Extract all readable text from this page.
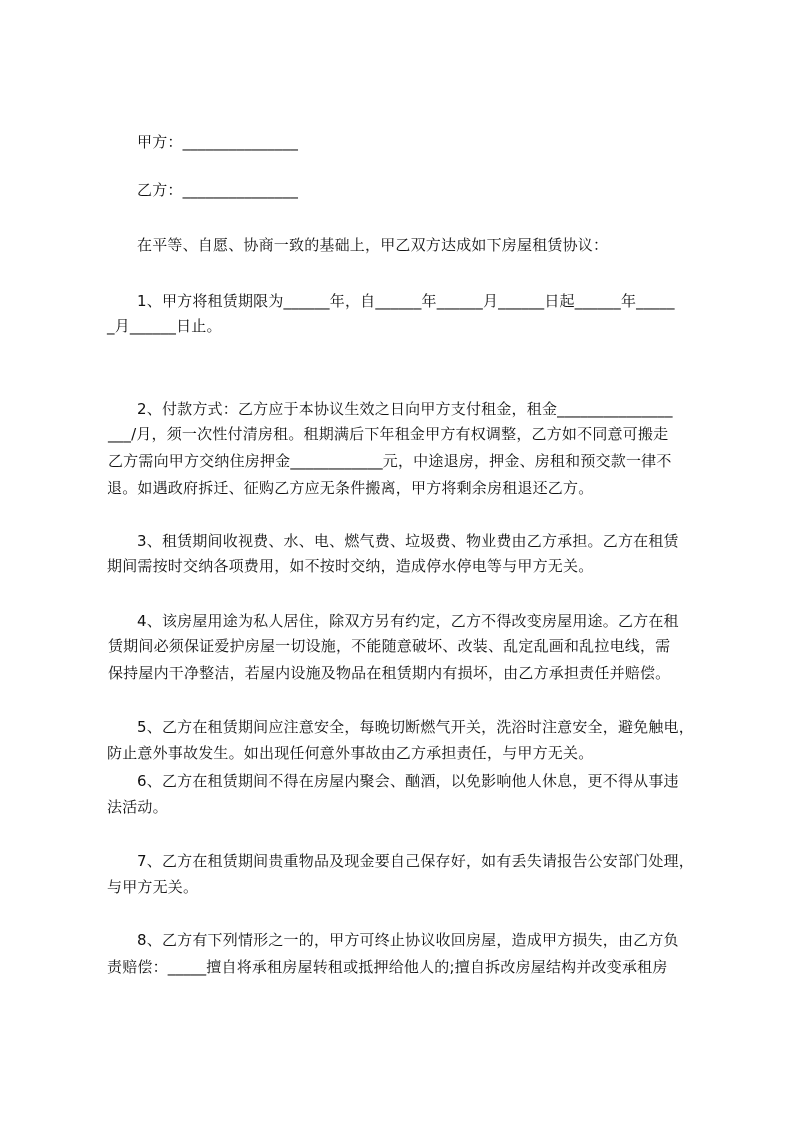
甲方：_______________
乙方：_______________
在平等、自愿、协商一致的基础上，甲乙双方达成如下房屋租赁协议：
1、甲方将租赁期限为______年，自______年______月______日起______年_____
_月______日止。
2、付款方式：乙方应于本协议生效之日向甲方支付租金，租金_______________
___/月，须一次性付清房租。租期满后下年租金甲方有权调整，乙方如不同意可搬走
乙方需向甲方交纳住房押金____________元，中途退房，押金、房租和预交款一律不
退。如遇政府拆迁、征购乙方应无条件搬离，甲方将剩余房租退还乙方。
3、租赁期间收视费、水、电、燃气费、垃圾费、物业费由乙方承担。乙方在租赁
期间需按时交纳各项费用，如不按时交纳，造成停水停电等与甲方无关。
4、该房屋用途为私人居住，除双方另有约定，乙方不得改变房屋用途。乙方在租
赁期间必须保证爱护房屋一切设施，不能随意破坏、改装、乱定乱画和乱拉电线，需
保持屋内干净整洁，若屋内设施及物品在租赁期内有损坏，由乙方承担责任并赔偿。
5、乙方在租赁期间应注意安全，每晚切断燃气开关，洗浴时注意安全，避免触电，
防止意外事故发生。如出现任何意外事故由乙方承担责任，与甲方无关。
6、乙方在租赁期间不得在房屋内聚会、酗酒，以免影响他人休息，更不得从事违
法活动。
7、乙方在租赁期间贵重物品及现金要自己保存好，如有丢失请报告公安部门处理，
与甲方无关。
8、乙方有下列情形之一的，甲方可终止协议收回房屋，造成甲方损失，由乙方负
责赔偿：_____擅自将承租房屋转租或抵押给他人的;擅自拆改房屋结构并改变承租房
